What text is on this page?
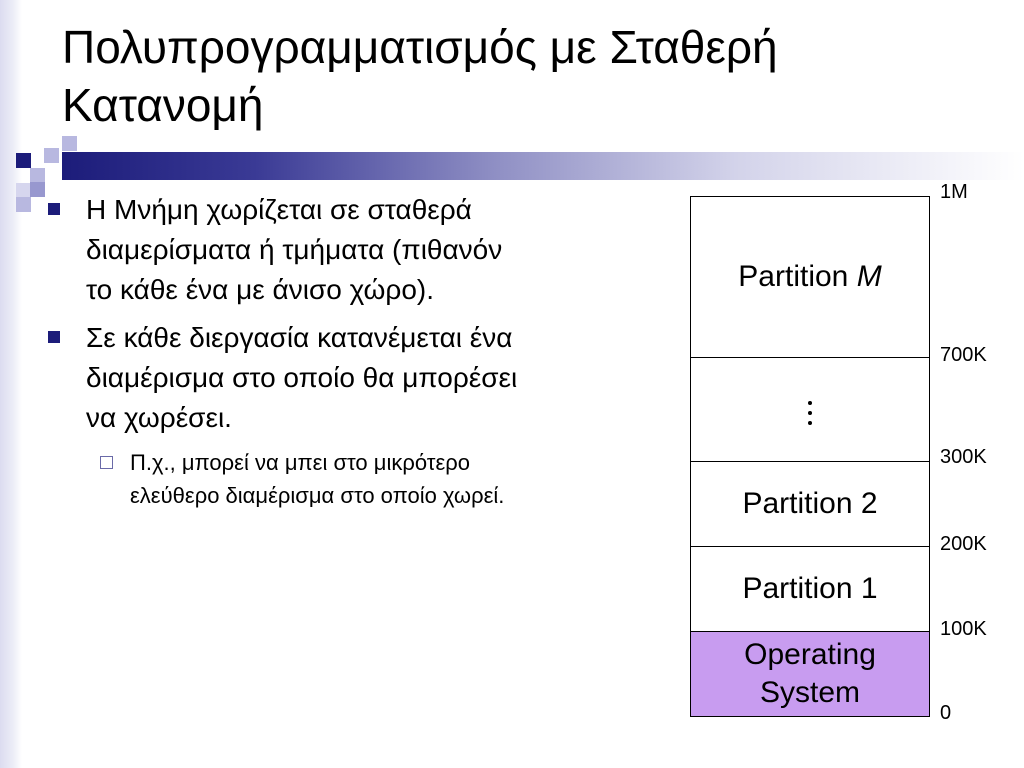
Πολυπρογραμματισμός με Σταθερή Κατανομή
Η Μνήμη χωρίζεται σε σταθερά διαμερίσματα ή τμήματα (πιθανόν το κάθε ένα με άνισο χώρο).
Σε κάθε διεργασία κατανέμεται ένα διαμέρισμα στο οποίο θα μπορέσει να χωρέσει.
Π.χ., μπορεί να μπει στο μικρότερο ελεύθερο διαμέρισμα στο οποίο χωρεί.
Partition M
Partition 2
Partition 1
Operating System
1M
700K
300K
200K
100K
0
